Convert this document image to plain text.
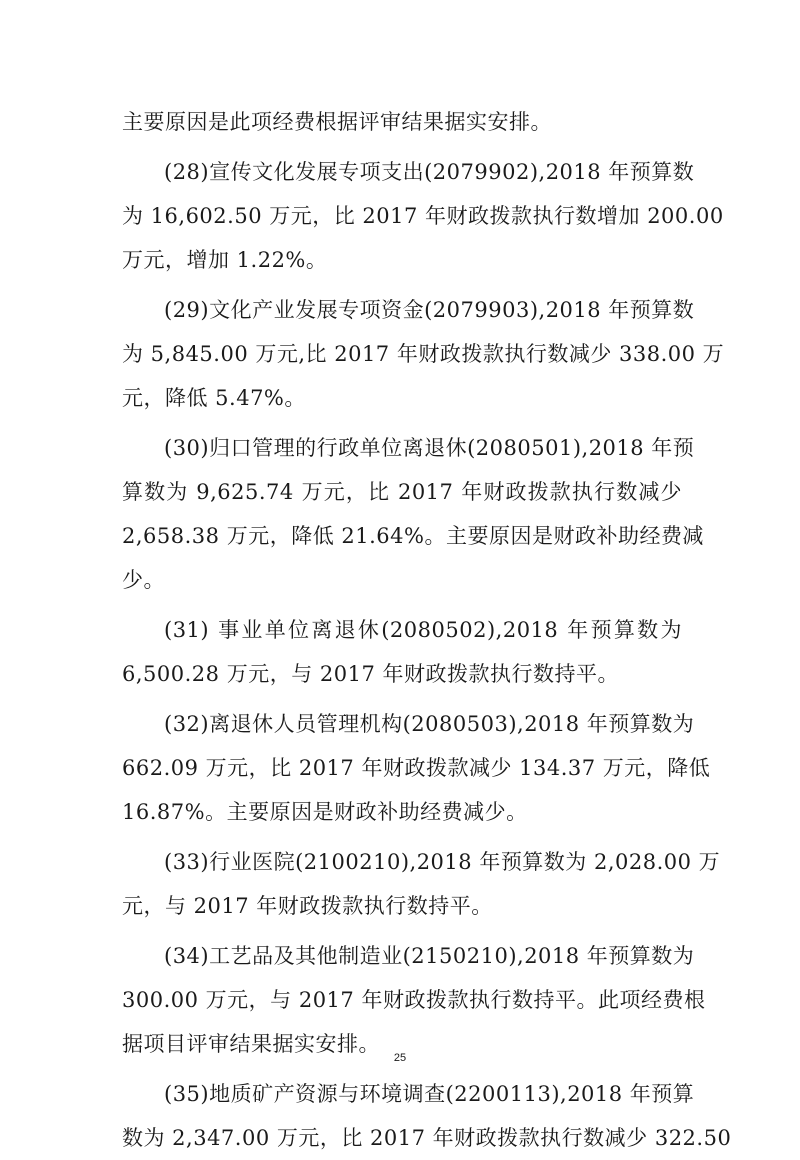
主要原因是此项经费根据评审结果据实安排。
(28)宣传文化发展专项支出(2079902),2018 年预算数
为 16,602.50 万元，比 2017 年财政拨款执行数增加 200.00
万元，增加 1.22%。
(29)文化产业发展专项资金(2079903),2018 年预算数
为 5,845.00 万元,比 2017 年财政拨款执行数减少 338.00 万
元，降低 5.47%。
(30)归口管理的行政单位离退休(2080501),2018 年预
算数为 9,625.74 万元，比 2017 年财政拨款执行数减少
2,658.38 万元，降低 21.64%。主要原因是财政补助经费减
少。
(31) 事业单位离退休(2080502),2018 年预算数为
6,500.28 万元，与 2017 年财政拨款执行数持平。
(32)离退休人员管理机构(2080503),2018 年预算数为
662.09 万元，比 2017 年财政拨款减少 134.37 万元，降低
16.87%。主要原因是财政补助经费减少。
(33)行业医院(2100210),2018 年预算数为 2,028.00 万
元，与 2017 年财政拨款执行数持平。
(34)工艺品及其他制造业(2150210),2018 年预算数为
300.00 万元，与 2017 年财政拨款执行数持平。此项经费根
据项目评审结果据实安排。
(35)地质矿产资源与环境调查(2200113),2018 年预算
数为 2,347.00 万元，比 2017 年财政拨款执行数减少 322.50
25
